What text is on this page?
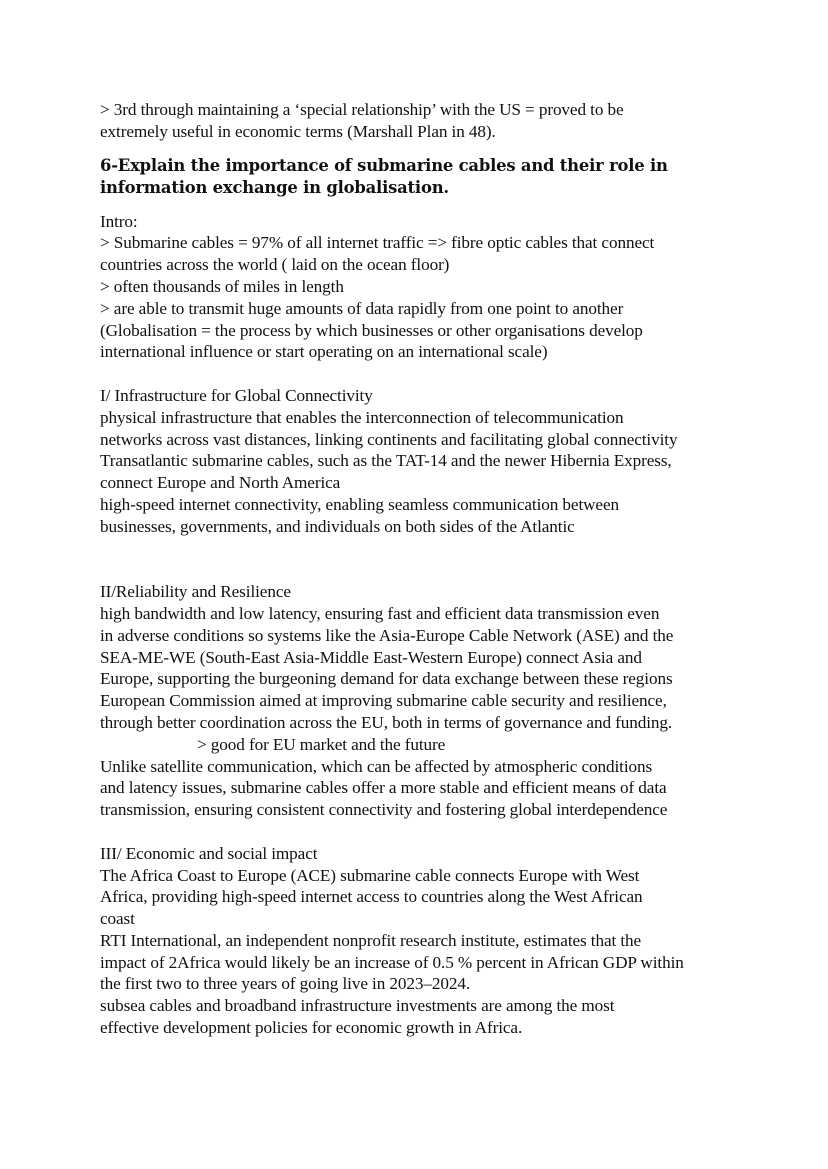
> 3rd through maintaining a ‘special relationship’ with the US = proved to be
extremely useful in economic terms (Marshall Plan in 48).
6-Explain the importance of submarine cables and their role in
information exchange in globalisation.
Intro:
> Submarine cables = 97% of all internet traffic => fibre optic cables that connect
countries across the world ( laid on the ocean floor)
> often thousands of miles in length
> are able to transmit huge amounts of data rapidly from one point to another
(Globalisation = the process by which businesses or other organisations develop
international influence or start operating on an international scale)
I/ Infrastructure for Global Connectivity
physical infrastructure that enables the interconnection of telecommunication
networks across vast distances, linking continents and facilitating global connectivity
Transatlantic submarine cables, such as the TAT-14 and the newer Hibernia Express,
connect Europe and North America
high-speed internet connectivity, enabling seamless communication between
businesses, governments, and individuals on both sides of the Atlantic
II/Reliability and Resilience
high bandwidth and low latency, ensuring fast and efficient data transmission even
in adverse conditions so systems like the Asia-Europe Cable Network (ASE) and the
SEA-ME-WE (South-East Asia-Middle East-Western Europe) connect Asia and
Europe, supporting the burgeoning demand for data exchange between these regions
European Commission aimed at improving submarine cable security and resilience,
through better coordination across the EU, both in terms of governance and funding.
> good for EU market and the future
Unlike satellite communication, which can be affected by atmospheric conditions
and latency issues, submarine cables offer a more stable and efficient means of data
transmission, ensuring consistent connectivity and fostering global interdependence
III/ Economic and social impact
The Africa Coast to Europe (ACE) submarine cable connects Europe with West
Africa, providing high-speed internet access to countries along the West African
coast
RTI International, an independent nonprofit research institute, estimates that the
impact of 2Africa would likely be an increase of 0.5 % percent in African GDP within
the first two to three years of going live in 2023–2024.
subsea cables and broadband infrastructure investments are among the most
effective development policies for economic growth in Africa.
